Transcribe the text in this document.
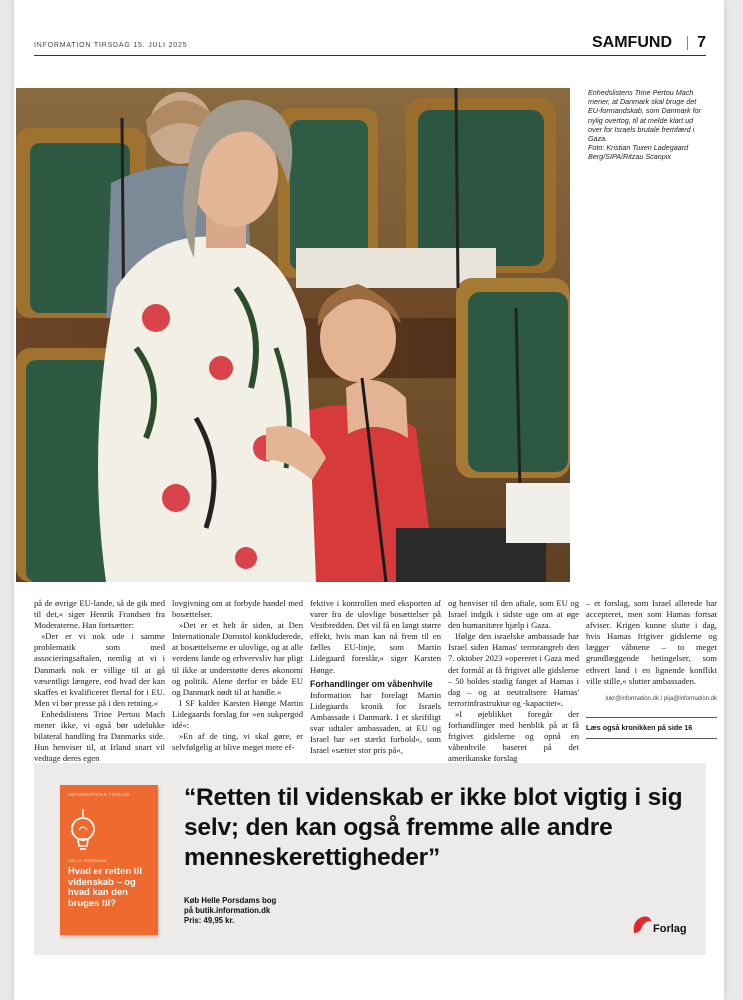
INFORMATION TIRSDAG 15. JULI 2025	SAMFUND 7

Enhedslistens Trine Pertou Mach mener, at Danmark skal bruge det EU-formandskab, som Danmark for nylig overtog, til at melde klart ud over for Israels brutale fremfærd i Gaza.

Foto: Kristian Tuxen Ladegaard Berg/SIPA/Ritzau Scanpix

på de øvrige EU-lande, så de gik med til det,« siger Henrik Frandsen fra Moderaterne. Han fortsætter:

»Der er vi nok ude i samme problematik som med associeringsaftalen, nemlig at vi i Danmark nok er villige til at gå væsentligt længere, end hvad der kan skaffes et kvalificeret flertal for i EU. Men vi bør presse på i den retning.«

Enhedslistens Trine Pertou Mach mener ikke, vi også bør udelukke bilateral handling fra Danmarks side. Hun henviser til, at Irland snart vil vedtage deres egen

lovgivning om at forbyde handel med bosættelser.

»Det er et helt år siden, at Den Internationale Domstol konkluderede, at bosættelserne er ulovlige, og at alle verdens lande og erhvervsliv har pligt til ikke at understøtte deres økonomi og politik. Alene derfor er både EU og Danmark nødt til at handle.«

I SF kalder Karsten Hønge Martin Lidegaards forslag for »en sukpergod idé«:

»En af de ting, vi skal gøre, er selvfølgelig at blive meget mere ef-

fektive i kontrollen med eksporten af varer fra de ulovlige bosættelser på Vestbredden. Det vil få en langt større effekt, hvis man kan nå frem til en fælles EU-linje, som Martin Lidegaard foreslår,« siger Karsten Hønge.

Forhandlinger om våbenhvile

Information har forelagt Martin Lidegaards kronik for Israels Ambassade i Danmark. I et skriftligt svar udtaler ambassaden, at EU og Israel har »et stærkt forhold«, som Israel »sætter stor pris på«,

og henviser til den aftale, som EU og Israel indgik i sidste uge om at øge den humanitære hjælp i Gaza.

Ifølge den israelske ambassade har Israel siden Hamas' terrorangreb den 7. oktober 2023 »opereret i Gaza med det formål at få frigivet alle gidslerne – 50 holdes stadig fanget af Hamas i dag – og at neutralisere Hamas' terrorinfrastruktur og -kapacitet«.

»I øjeblikket foregår der forhandlinger med henblik på at få frigivet gidslerne og opnå en våbenhvile baseret på det amerikanske forslag

– et forslag, som Israel allerede har accepteret, men som Hamas fortsat afviser. Krigen kunne slutte i dag, hvis Hamas frigiver gidslerne og lægger våbnene – to meget grundlæggende betingelser, som ethvert land i en lignende konflikt ville stille,« slutter ambassaden.

lukr@information.dk / pija@information.dk
Læs også kronikken på side 16
INFORMATIONS FORLAG
HELLE PORSDAM
Hvad er retten til videnskab – og hvad kan den bruges til?
“Retten til videnskab er ikke blot vigtig i sig selv; den kan også fremme alle andre menneskerettigheder”
Køb Helle Porsdams bog
på butik.information.dk
Pris: 49,95 kr.
Forlag
